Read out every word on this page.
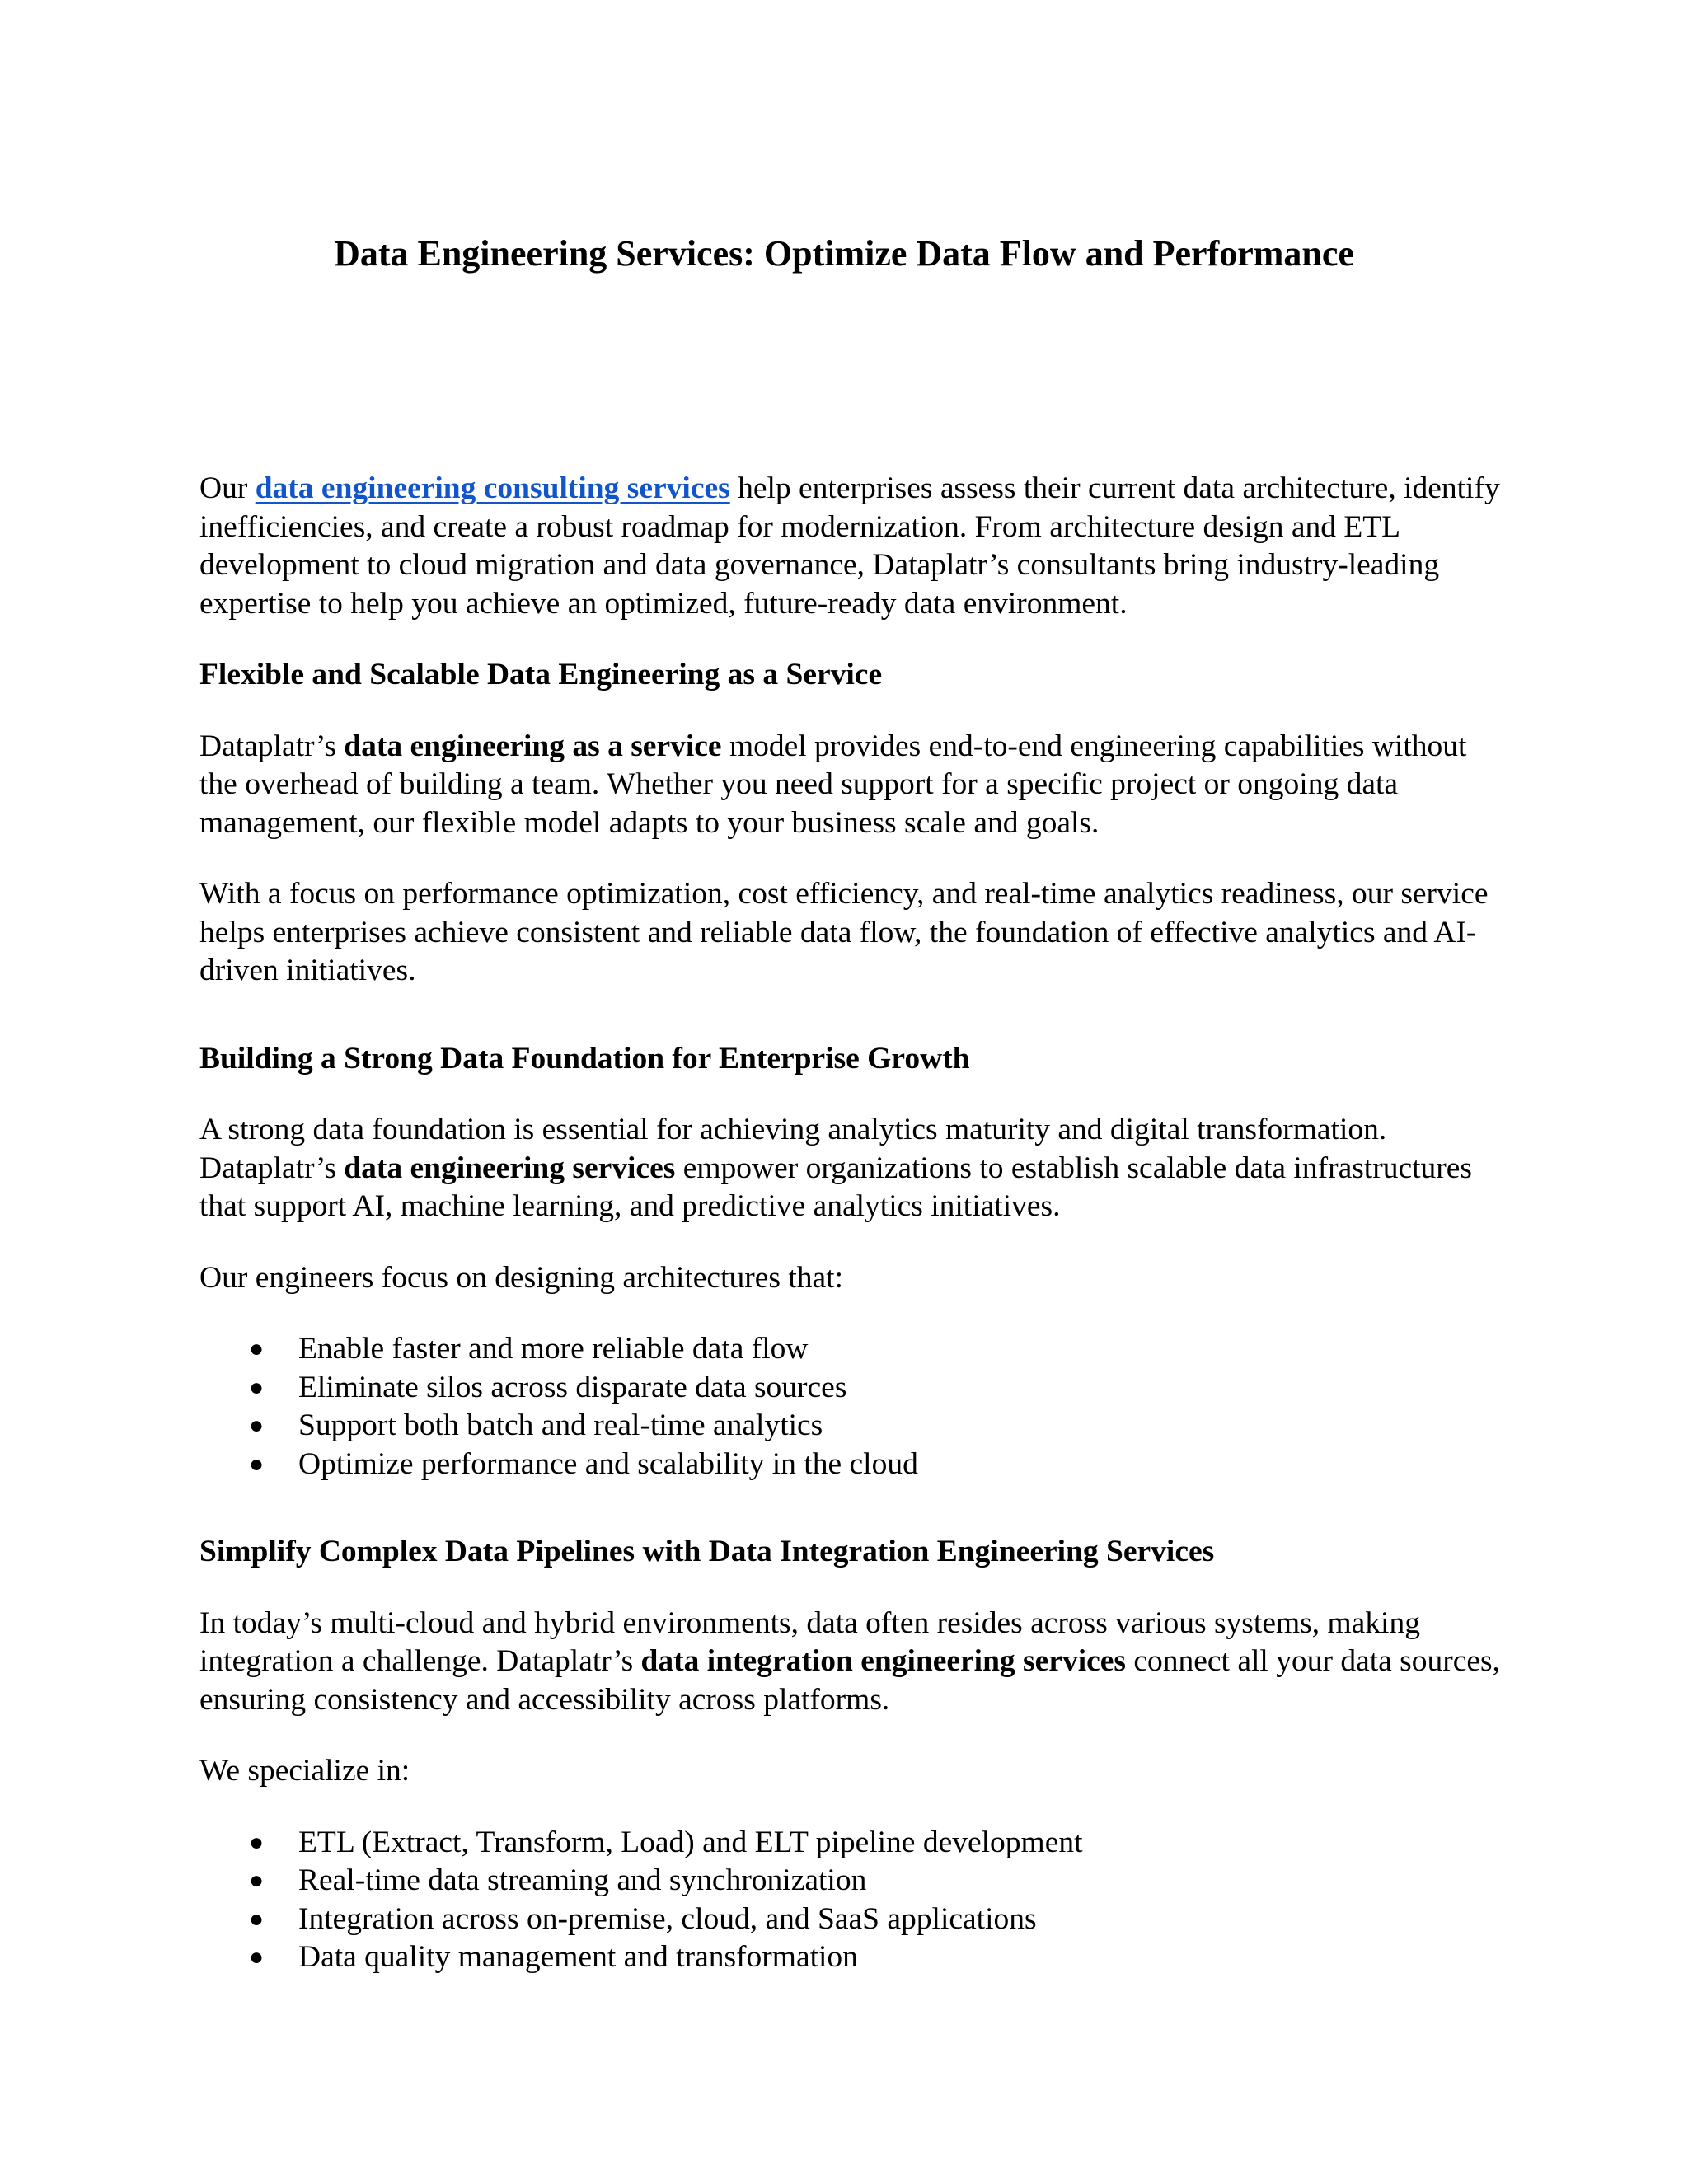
Data Engineering Services: Optimize Data Flow and Performance

Our data engineering consulting services help enterprises assess their current data architecture, identify inefficiencies, and create a robust roadmap for modernization. From architecture design and ETL development to cloud migration and data governance, Dataplatr’s consultants bring industry-leading expertise to help you achieve an optimized, future-ready data environment.

Flexible and Scalable Data Engineering as a Service

Dataplatr’s data engineering as a service model provides end-to-end engineering capabilities without the overhead of building a team. Whether you need support for a specific project or ongoing data management, our flexible model adapts to your business scale and goals.

With a focus on performance optimization, cost efficiency, and real-time analytics readiness, our service helps enterprises achieve consistent and reliable data flow, the foundation of effective analytics and AI-driven initiatives.

Building a Strong Data Foundation for Enterprise Growth

A strong data foundation is essential for achieving analytics maturity and digital transformation. Dataplatr’s data engineering services empower organizations to establish scalable data infrastructures that support AI, machine learning, and predictive analytics initiatives.

Our engineers focus on designing architectures that:

● Enable faster and more reliable data flow
● Eliminate silos across disparate data sources
● Support both batch and real-time analytics
● Optimize performance and scalability in the cloud
Simplify Complex Data Pipelines with Data Integration Engineering Services

In today’s multi-cloud and hybrid environments, data often resides across various systems, making integration a challenge. Dataplatr’s data integration engineering services connect all your data sources, ensuring consistency and accessibility across platforms.

We specialize in:

● ETL (Extract, Transform, Load) and ELT pipeline development
● Real-time data streaming and synchronization
● Integration across on-premise, cloud, and SaaS applications
● Data quality management and transformation
